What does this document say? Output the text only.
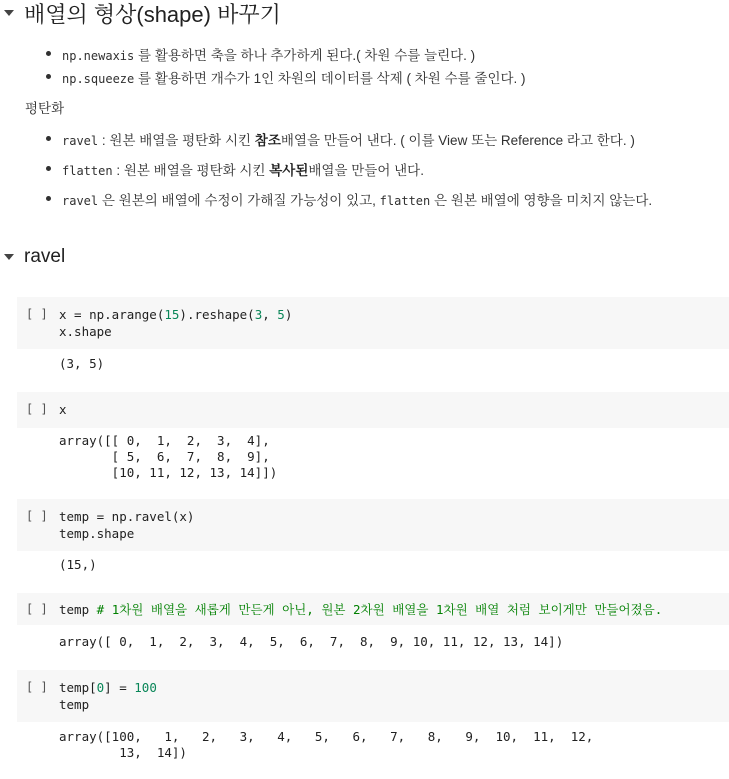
배열의 형상(shape) 바꾸기
np.newaxis 를 활용하면 축을 하나 추가하게 된다.( 차원 수를 늘린다. )
np.squeeze 를 활용하면 개수가 1인 차원의 데이터를 삭제 ( 차원 수를 줄인다. )
평탄화
ravel : 원본 배열을 평탄화 시킨 참조배열을 만들어 낸다. ( 이를 View 또는 Reference 라고 한다. )
flatten : 원본 배열을 평탄화 시킨 복사된배열을 만들어 낸다.
ravel 은 원본의 배열에 수정이 가해질 가능성이 있고, flatten 은 원본 배열에 영향을 미치지 않는다.
ravel
[ ] x = np.arange(15).reshape(3, 5)
x.shape
(3, 5)
[ ] x
array([[ 0,  1,  2,  3,  4],
[ 5,  6,  7,  8,  9],
[10, 11, 12, 13, 14]])
[ ] temp = np.ravel(x)
temp.shape
(15,)
[ ] temp # 1차원 배열을 새롭게 만든게 아닌, 원본 2차원 배열을 1차원 배열 처럼 보이게만 만들어졌음.
array([ 0,  1,  2,  3,  4,  5,  6,  7,  8,  9, 10, 11, 12, 13, 14])
[ ] temp[0] = 100
temp
array([100,   1,   2,   3,   4,   5,   6,   7,   8,   9,  10,  11,  12,
13,  14])
